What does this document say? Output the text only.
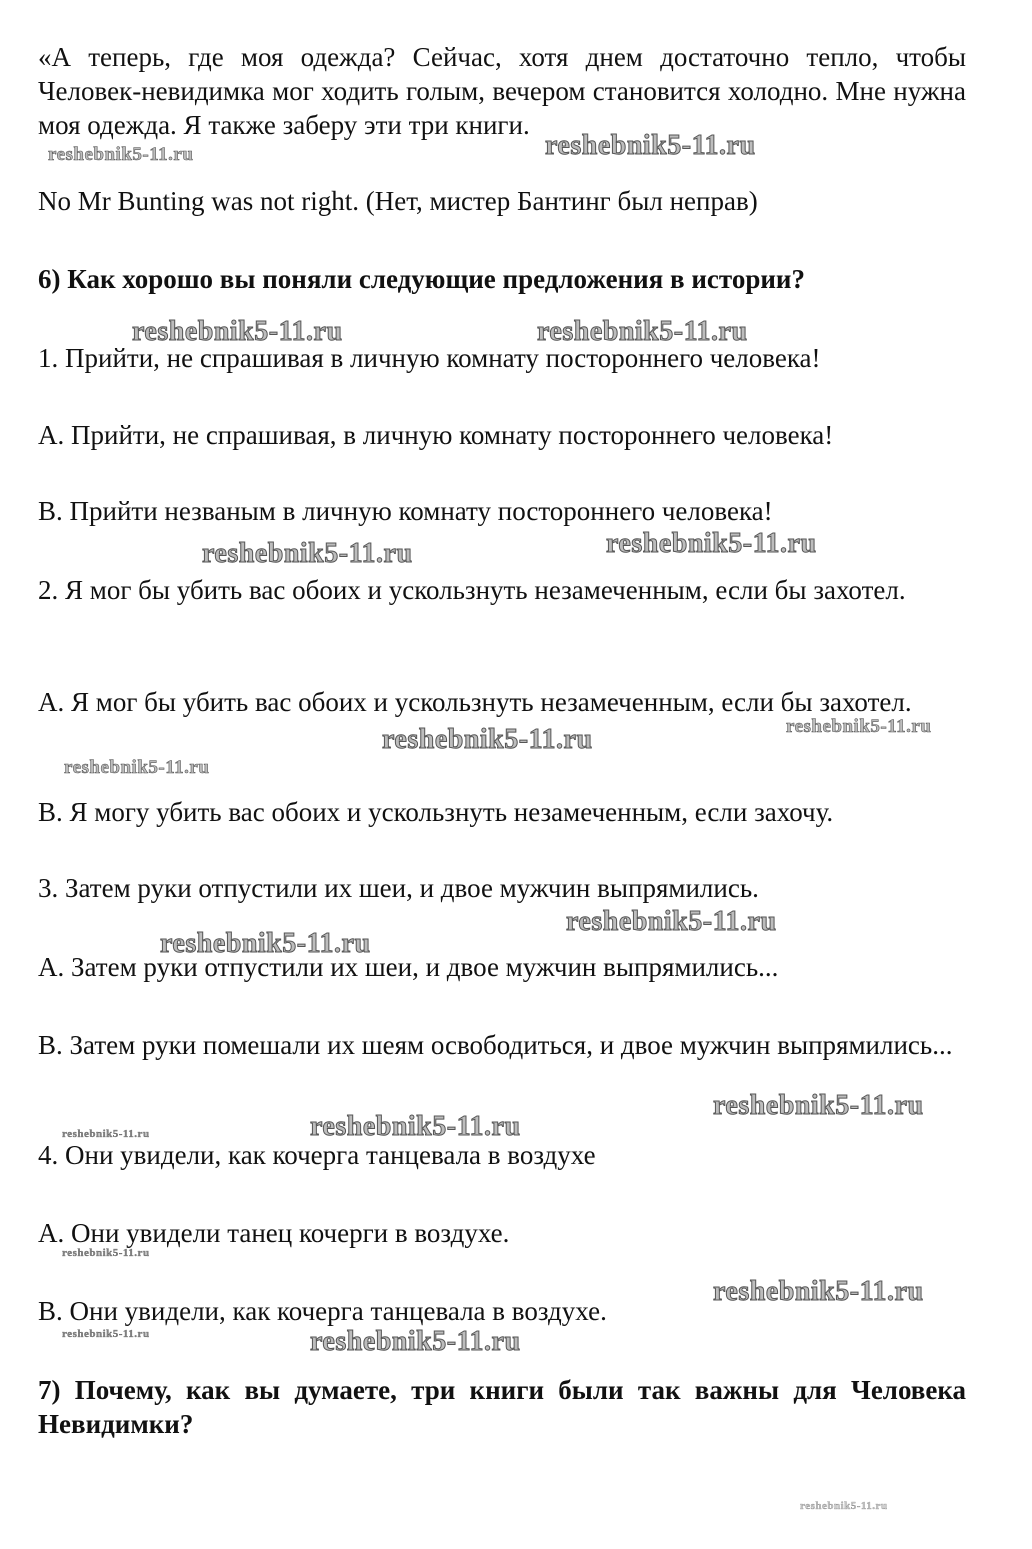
«А теперь, где моя одежда? Сейчас, хотя днем достаточно тепло, чтобы Человек-невидимка мог ходить голым, вечером становится холодно. Мне нужна моя одежда. Я также заберу эти три книги.

No Mr Bunting was not right. (Нет, мистер Бантинг был неправ)

6) Как хорошо вы поняли следующие предложения в истории?

1. Прийти, не спрашивая в личную комнату постороннего человека!

A. Прийти, не спрашивая, в личную комнату постороннего человека!

B. Прийти незваным в личную комнату постороннего человека!

2. Я мог бы убить вас обоих и ускользнуть незамеченным, если бы захотел.

A. Я мог бы убить вас обоих и ускользнуть незамеченным, если бы захотел.

B. Я могу убить вас обоих и ускользнуть незамеченным, если захочу.

3. Затем руки отпустили их шеи, и двое мужчин выпрямились.

A. Затем руки отпустили их шеи, и двое мужчин выпрямились...

B. Затем руки помешали их шеям освободиться, и двое мужчин выпрямились...

4. Они увидели, как кочерга танцевала в воздухе

A. Они увидели танец кочерги в воздухе.

B. Они увидели, как кочерга танцевала в воздухе.

7) Почему, как вы думаете, три книги были так важны для Человека Невидимки?

reshebnik5-11.ru	reshebnik5-11.ru
reshebnik5-11.ru	reshebnik5-11.ru
reshebnik5-11.ru	reshebnik5-11.ru
reshebnik5-11.ru
reshebnik5-11.ru
reshebnik5-11.ru
reshebnik5-11.ru
reshebnik5-11.ru
reshebnik5-11.ru
reshebnik5-11.ru	reshebnik5-11.ru
reshebnik5-11.ru
reshebnik5-11.ru
reshebnik5-11.ru	reshebnik5-11.ru
reshebnik5-11.ru
